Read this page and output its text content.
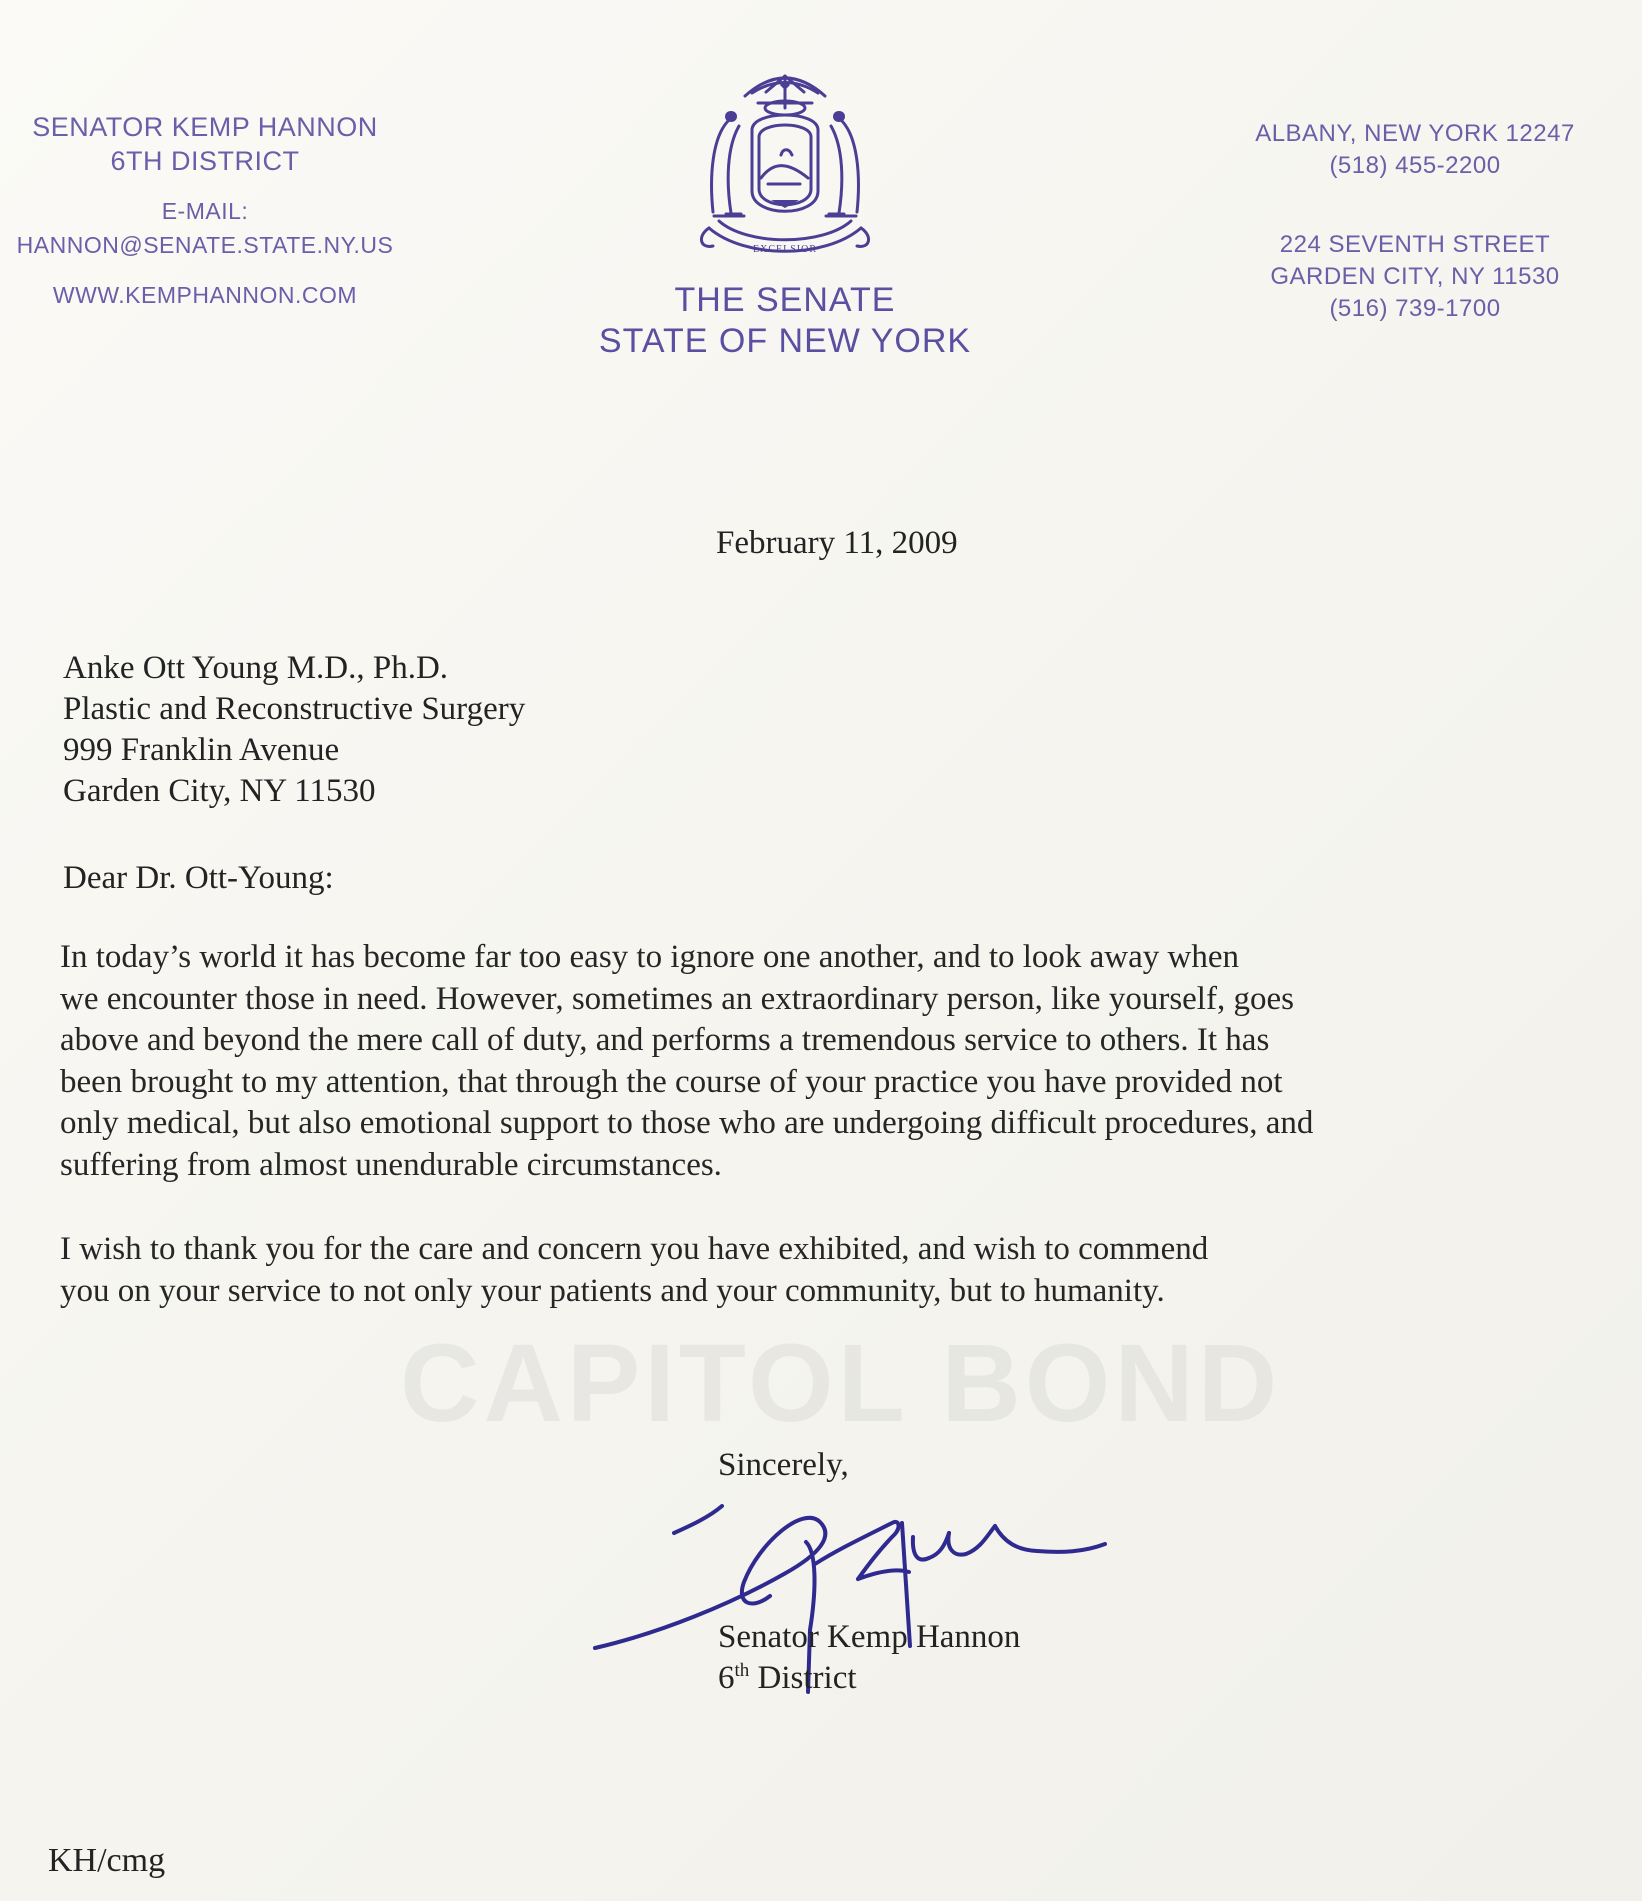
CAPITOL BOND
SENATOR KEMP HANNON
6TH DISTRICT
E-MAIL:
HANNON@SENATE.STATE.NY.US
WWW.KEMPHANNON.COM
EXCELSIOR
THE SENATE
STATE OF NEW YORK
ALBANY, NEW YORK 12247
(518) 455-2200
224 SEVENTH STREET
GARDEN CITY, NY 11530
(516) 739-1700
February 11, 2009
Anke Ott Young M.D., Ph.D.
Plastic and Reconstructive Surgery
999 Franklin Avenue
Garden City, NY 11530
Dear Dr. Ott-Young:
In today’s world it has become far too easy to ignore one another, and to look away when
we encounter those in need. However, sometimes an extraordinary person, like yourself, goes
above and beyond the mere call of duty, and performs a tremendous service to others. It has
been brought to my attention, that through the course of your practice you have provided not
only medical, but also emotional support to those who are undergoing difficult procedures, and
suffering from almost unendurable circumstances.
I wish to thank you for the care and concern you have exhibited, and wish to commend
you on your service to not only your patients and your community, but to humanity.
Sincerely,
Senator Kemp Hannon
6th District
KH/cmg
